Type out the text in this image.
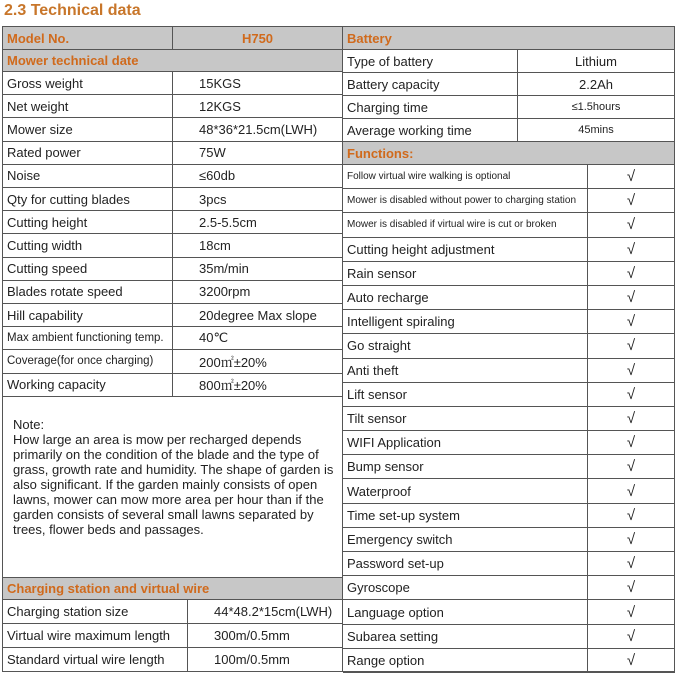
2.3 Technical data
Model No.	H750
Mower technical date
Gross weight	15KGS
Net weight	12KGS
Mower size	48*36*21.5cm(LWH)
Rated power	75W
Noise	≤60db
Qty for cutting blades	3pcs
Cutting height	2.5-5.5cm
Cutting width	18cm
Cutting speed	35m/min
Blades rotate speed	3200rpm
Hill capability	20degree Max slope
Max ambient functioning temp.	40℃
Coverage(for once charging)	200㎡±20%
Working capacity	800㎡±20%
Note:
How large an area is mow per recharged depends primarily on the condition of the blade and the type of grass, growth rate and humidity. The shape of garden is also significant. If the garden mainly consists of open lawns, mower can mow more area per hour than if the garden consists of several small lawns separated by trees, flower beds and passages.
Charging station and virtual wire
Charging station size	44*48.2*15cm(LWH)
Virtual wire maximum length	300m/0.5mm
Standard virtual wire length	100m/0.5mm
Battery
Type of battery	Lithium
Battery capacity	2.2Ah
Charging time	≤1.5hours
Average working time	45mins
Functions:
Follow virtual wire walking is optional	√
Mower is disabled without power to charging station	√
Mower is disabled if virtual wire is cut or broken	√
Cutting height adjustment	√
Rain sensor	√
Auto recharge	√
Intelligent spiraling	√
Go straight	√
Anti theft	√
Lift sensor	√
Tilt sensor	√
WIFI Application	√
Bump sensor	√
Waterproof	√
Time set-up system	√
Emergency switch	√
Password set-up	√
Gyroscope	√
Language option	√
Subarea setting	√
Range option	√
